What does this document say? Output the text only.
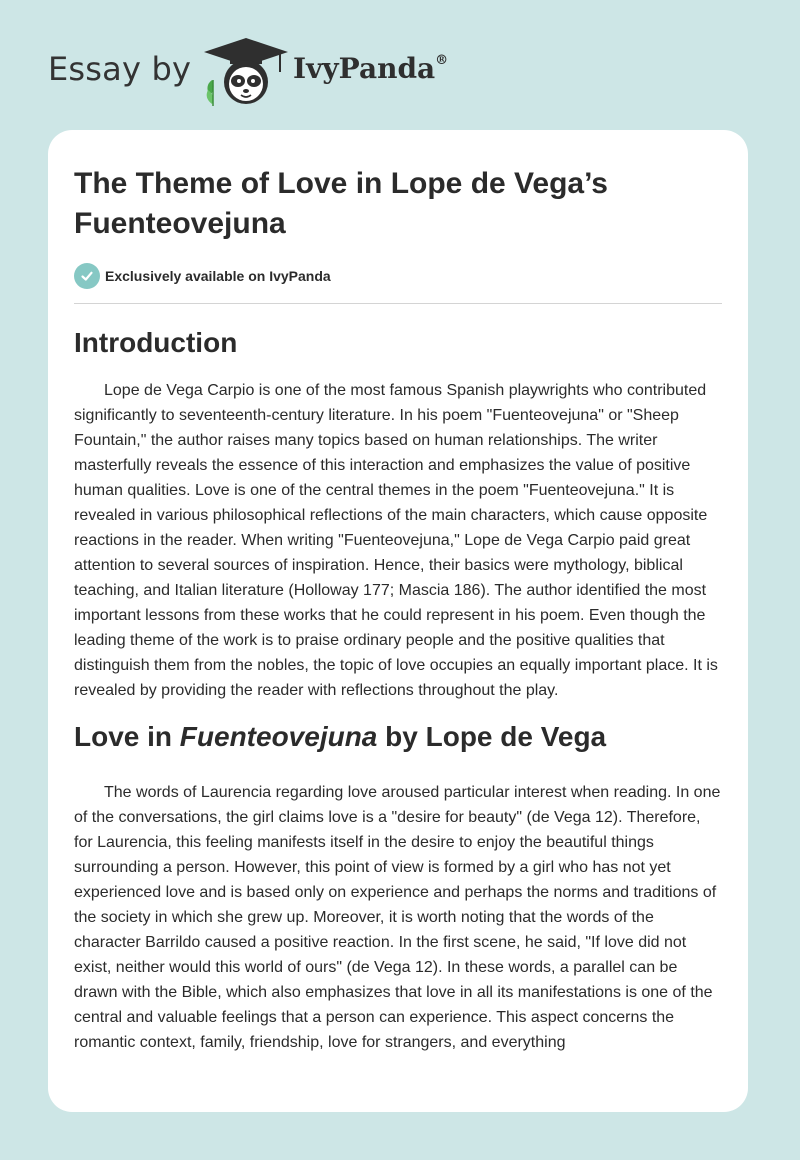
Essay by	IvyPanda®
The Theme of Love in Lope de Vega’s Fuenteovejuna
Exclusively available on IvyPanda
Introduction

Lope de Vega Carpio is one of the most famous Spanish playwrights who contributed significantly to seventeenth-century literature. In his poem "Fuenteovejuna" or "Sheep Fountain," the author raises many topics based on human relationships. The writer masterfully reveals the essence of this interaction and emphasizes the value of positive human qualities. Love is one of the central themes in the poem "Fuenteovejuna." It is revealed in various philosophical reflections of the main characters, which cause opposite reactions in the reader. When writing "Fuenteovejuna," Lope de Vega Carpio paid great attention to several sources of inspiration. Hence, their basics were mythology, biblical teaching, and Italian literature (Holloway 177; Mascia 186). The author identified the most important lessons from these works that he could represent in his poem. Even though the leading theme of the work is to praise ordinary people and the positive qualities that distinguish them from the nobles, the topic of love occupies an equally important place. It is revealed by providing the reader with reflections throughout the play.

Love in Fuenteovejuna by Lope de Vega

The words of Laurencia regarding love aroused particular interest when reading. In one of the conversations, the girl claims love is a "desire for beauty" (de Vega 12). Therefore, for Laurencia, this feeling manifests itself in the desire to enjoy the beautiful things surrounding a person. However, this point of view is formed by a girl who has not yet experienced love and is based only on experience and perhaps the norms and traditions of the society in which she grew up. Moreover, it is worth noting that the words of the character Barrildo caused a positive reaction. In the first scene, he said, "If love did not exist, neither would this world of ours" (de Vega 12). In these words, a parallel can be drawn with the Bible, which also emphasizes that love in all its manifestations is one of the central and valuable feelings that a person can experience. This aspect concerns the romantic context, family, friendship, love for strangers, and everything
